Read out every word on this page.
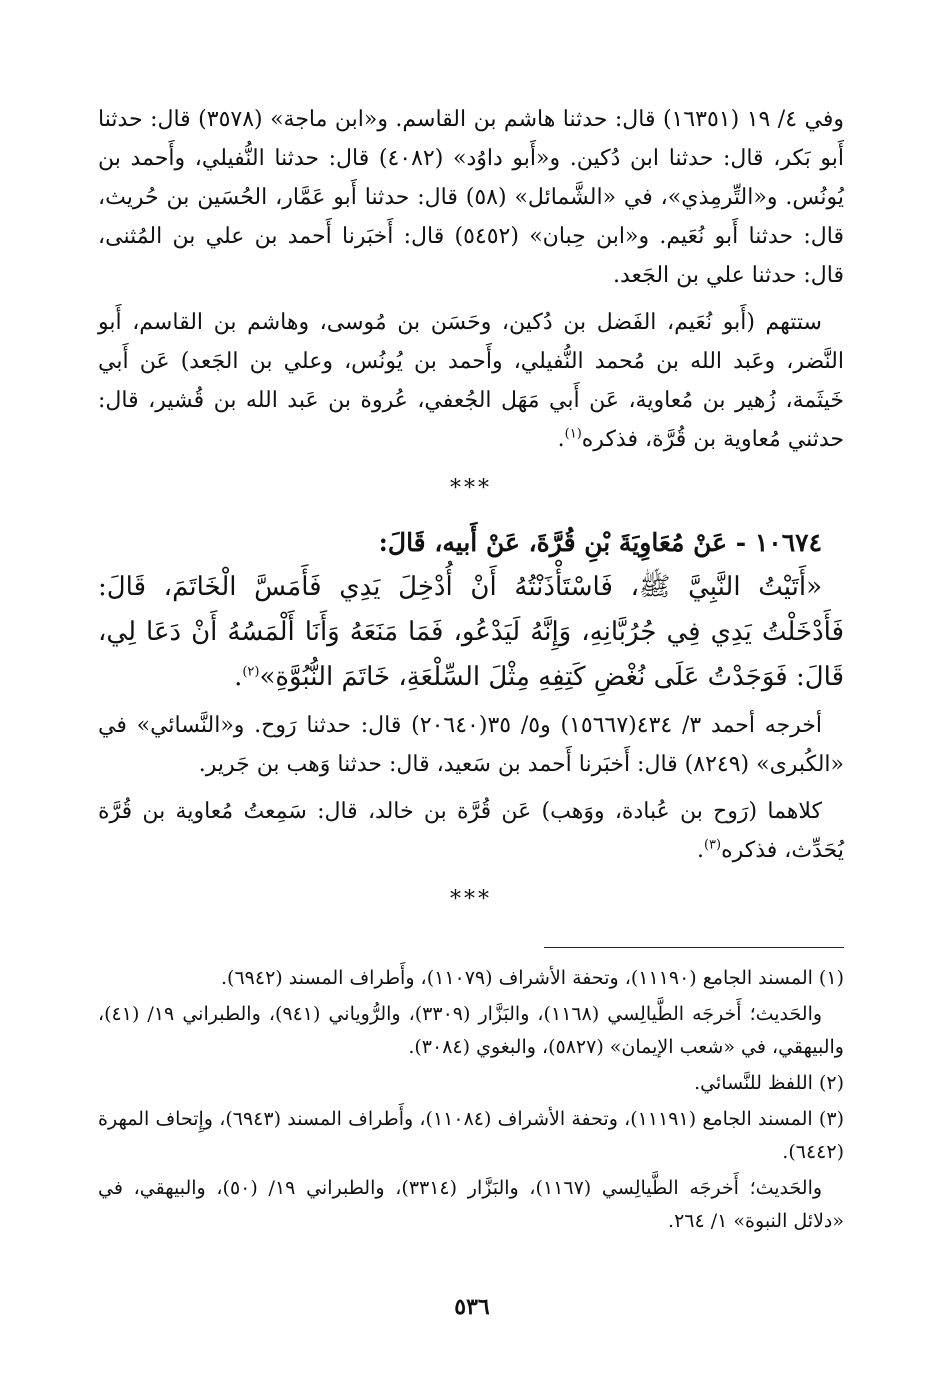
وفي ٤/ ١٩ (١٦٣٥١) قال: حدثنا هاشم بن القاسم. و«ابن ماجة» (٣٥٧٨) قال: حدثنا أَبو بَكر، قال: حدثنا ابن دُكين. و«أَبو داوُد» (٤٠٨٢) قال: حدثنا النُّفيلي، وأَحمد بن يُونُس. و«التِّرمِذي»، في «الشَّمائل» (٥٨) قال: حدثنا أَبو عَمَّار، الحُسَين بن حُريث، قال: حدثنا أَبو نُعَيم. و«ابن حِبان» (٥٤٥٢) قال: أَخبَرنا أَحمد بن علي بن المُثنى، قال: حدثنا علي بن الجَعد.

ستتهم (أَبو نُعَيم، الفَضل بن دُكين، وحَسَن بن مُوسى، وهاشم بن القاسم، أَبو النَّضر، وعَبد الله بن مُحمد النُّفيلي، وأَحمد بن يُونُس، وعلي بن الجَعد) عَن أَبي خَيثَمة، زُهير بن مُعاوية، عَن أَبي مَهَل الجُعفي، عُروة بن عَبد الله بن قُشير، قال: حدثني مُعاوية بن قُرَّة، فذكره$^{(١)}$.

***

١٠٦٧٤ - عَنْ مُعَاوِيَةَ بْنِ قُرَّةَ، عَنْ أَبيه، قَالَ:

«أَتَيْتُ النَّبِيَّ ﷺ، فَاسْتَأْذَنْتُهُ أَنْ أُدْخِلَ يَدِي فَأَمَسَّ الْخَاتَمَ، قَالَ: فَأَدْخَلْتُ يَدِي فِي جُرُبَّانِهِ، وَإِنَّهُ لَيَدْعُو، فَمَا مَنَعَهُ وَأَنَا أَلْمَسُهُ أَنْ دَعَا لِي، قَالَ: فَوَجَدْتُ عَلَى نُغْضِ كَتِفِهِ مِثْلَ السِّلْعَةِ، خَاتَمَ النُّبُوَّةِ»$^{(٢)}$.

أخرجه أحمد ٣/ ٤٣٤(١٥٦٦٧) و٥/ ٣٥(٢٠٦٤٠) قال: حدثنا رَوح. و«النَّسائي» في «الكُبرى» (٨٢٤٩) قال: أَخبَرنا أَحمد بن سَعيد، قال: حدثنا وَهب بن جَرير.

كلاهما (رَوح بن عُبادة، ووَهب) عَن قُرَّة بن خالد، قال: سَمِعتُ مُعاوية بن قُرَّة يُحَدِّث، فذكره$^{(٣)}$.

***

(١) المسند الجامع (١١١٩٠)، وتحفة الأشراف (١١٠٧٩)، وأَطراف المسند (٦٩٤٢).

والحَديث؛ أَخرجَه الطَّيالِسي (١١٦٨)، والبَزَّار (٣٣٠٩)، والرُّوياني (٩٤١)، والطبراني ١٩/ (٤١)، والبيهقي، في «شعب الإيمان» (٥٨٢٧)، والبغوي (٣٠٨٤).

(٢) اللفظ للنَّسائي.

(٣) المسند الجامع (١١١٩١)، وتحفة الأشراف (١١٠٨٤)، وأَطراف المسند (٦٩٤٣)، وإِتحاف المهرة (٦٤٤٢).

والحَديث؛ أَخرجَه الطَّيالِسي (١١٦٧)، والبَزَّار (٣٣١٤)، والطبراني ١٩/ (٥٠)، والبيهقي، في «دلائل النبوة» ١/ ٢٦٤.

٥٣٦
